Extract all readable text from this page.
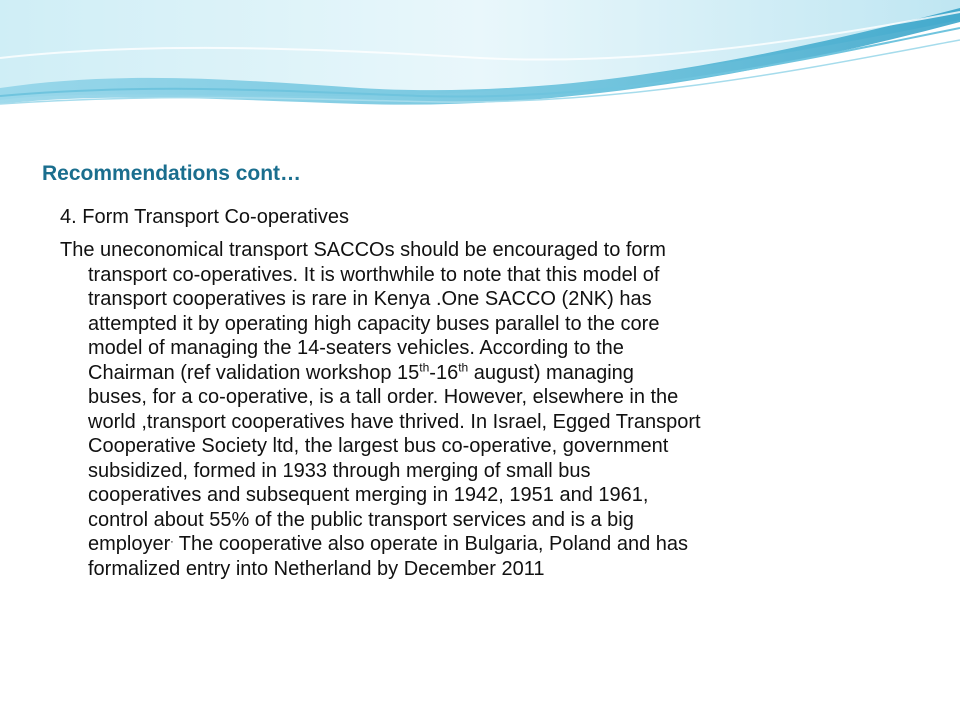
Recommendations cont…
4. Form Transport Co-operatives
The uneconomical transport SACCOs should be encouraged to form
transport co-operatives. It is worthwhile to note that this model of
transport cooperatives is rare in Kenya .One SACCO (2NK) has
attempted it by operating high capacity buses parallel to the core
model of managing the 14-seaters vehicles. According to the
Chairman (ref validation workshop 15th-16th august) managing
buses, for a co-operative, is a tall order. However, elsewhere in the
world ,transport cooperatives have thrived. In Israel, Egged Transport
Cooperative Society ltd, the largest bus co-operative, government
subsidized, formed in 1933 through merging of small bus
cooperatives and subsequent merging in 1942, 1951 and 1961,
control about 55% of the public transport services and is a big
employer. The cooperative also operate in Bulgaria, Poland and has
formalized entry into Netherland by December 2011
